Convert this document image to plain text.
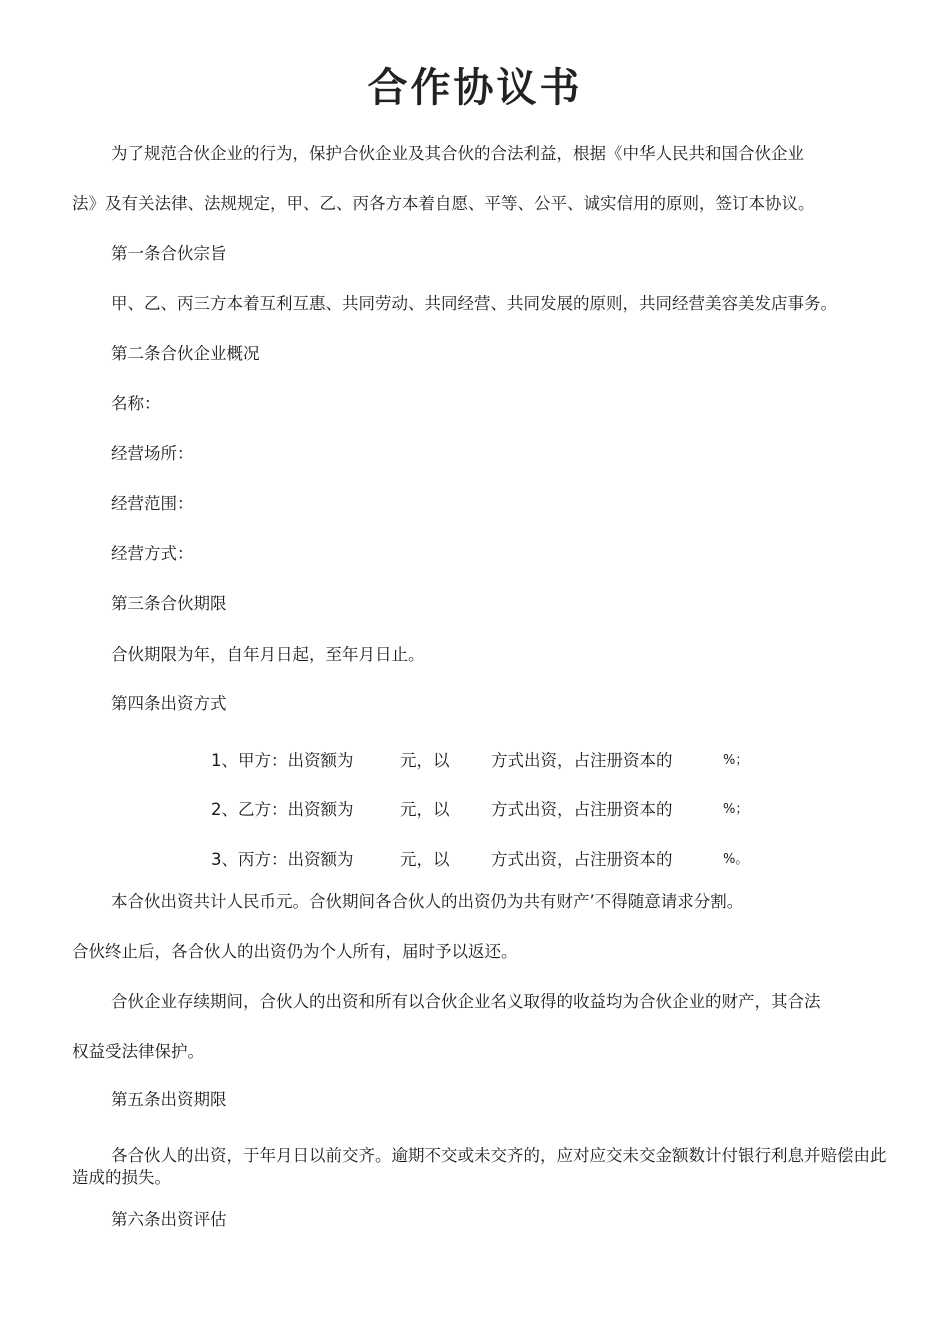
合作协议书
为了规范合伙企业的行为，保护合伙企业及其合伙的合法利益，根据《中华人民共和国合伙企业
法》及有关法律、法规规定，甲、乙、丙各方本着自愿、平等、公平、诚实信用的原则，签订本协议。
第一条合伙宗旨
甲、乙、丙三方本着互利互惠、共同劳动、共同经营、共同发展的原则，共同经营美容美发店事务。
第二条合伙企业概况
名称：
经营场所：
经营范围：
经营方式：
第三条合伙期限
合伙期限为年，自年月日起，至年月日止。
第四条出资方式
1、甲方：出资额为	元，以	方式出资，占注册资本的	%；
2、乙方：出资额为	元，以	方式出资，占注册资本的	%；
3、丙方：出资额为	元，以	方式出资，占注册资本的	%。
本合伙出资共计人民币元。合伙期间各合伙人的出资仍为共有财产’不得随意请求分割。
合伙终止后，各合伙人的出资仍为个人所有，届时予以返还。
合伙企业存续期间，合伙人的出资和所有以合伙企业名义取得的收益均为合伙企业的财产，其合法
权益受法律保护。
第五条出资期限
各合伙人的出资，于年月日以前交齐。逾期不交或未交齐的，应对应交未交金额数计付银行利息并赔偿由此造成的损失。
第六条出资评估
